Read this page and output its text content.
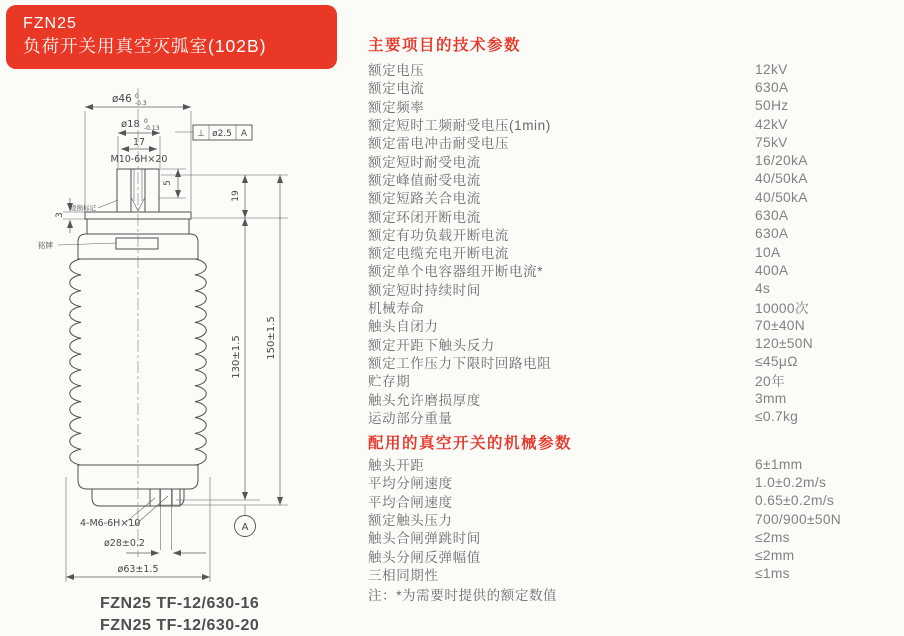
FZN25
负荷开关用真空灭弧室(102B)
ø46 0
-0.3
ø18 0
-0.13
17
M10-6H×20
⊥ ø2.5 A
5
19
3
130±1.5 150±1.5
4-M6-6H×10
ø28±0.2
ø63±1.5
A
烧损标记
铭牌
FZN25 TF-12/630-16
FZN25 TF-12/630-20
主要项目的技术参数
额定电压	12kV
额定电流	630A
额定频率	50Hz
额定短时工频耐受电压(1min)	42kV
额定雷电冲击耐受电压	75kV
额定短时耐受电流	16/20kA
额定峰值耐受电流	40/50kA
额定短路关合电流	40/50kA
额定环闭开断电流	630A
额定有功负载开断电流	630A
额定电缆充电开断电流	10A
额定单个电容器组开断电流*	400A
额定短时持续时间	4s
机械寿命	10000次
触头自闭力	70±40N
额定开距下触头反力	120±50N
额定工作压力下限时回路电阻	≤45μΩ
贮存期	20年
触头允许磨损厚度	3mm
运动部分重量	≤0.7kg
配用的真空开关的机械参数
触头开距	6±1mm
平均分闸速度	1.0±0.2m/s
平均合闸速度	0.65±0.2m/s
额定触头压力	700/900±50N
触头合闸弹跳时间	≤2ms
触头分闸反弹幅值	≤2mm
三相同期性	≤1ms
注：*为需要时提供的额定数值
